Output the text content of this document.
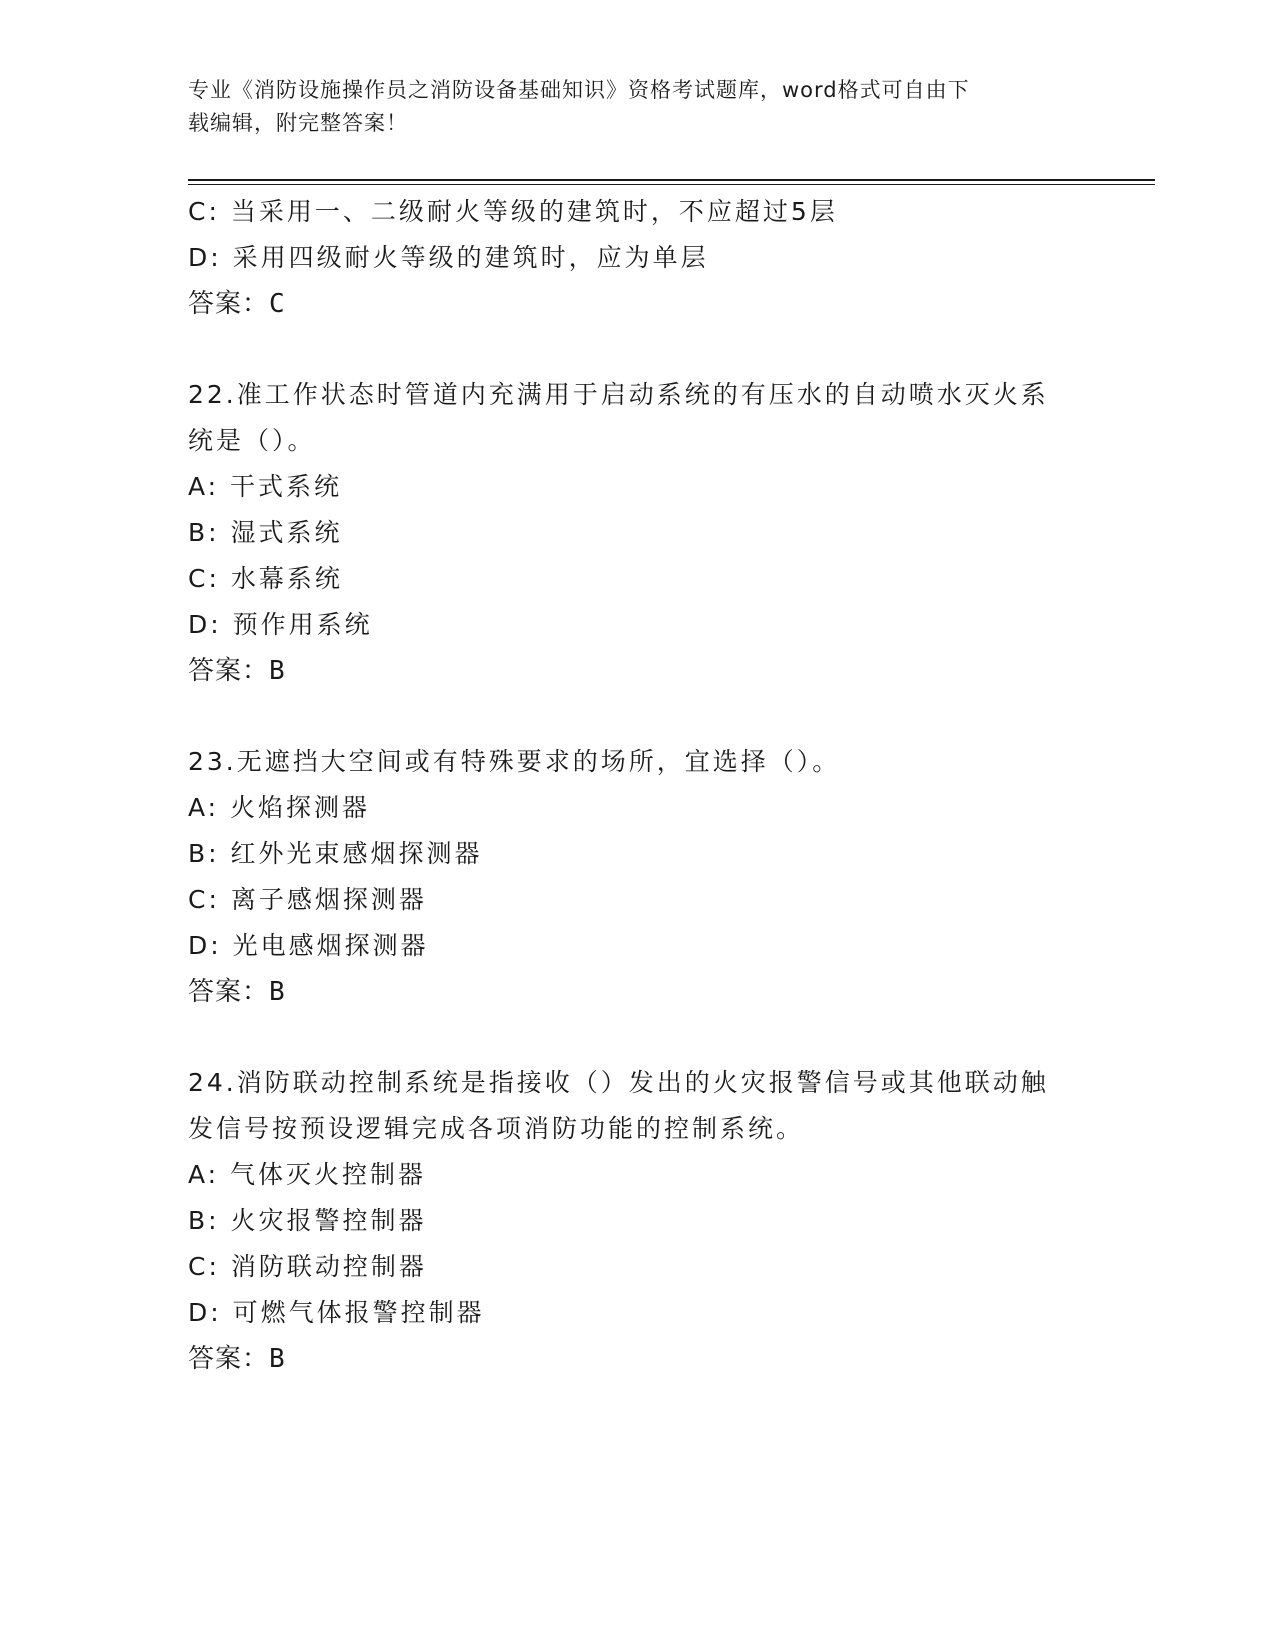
专业《消防设施操作员之消防设备基础知识》资格考试题库，word格式可自由下
载编辑，附完整答案！
C: 当采用一、二级耐火等级的建筑时，不应超过5层
D: 采用四级耐火等级的建筑时，应为单层
答案：C
22.准工作状态时管道内充满用于启动系统的有压水的自动喷水灭火系
统是（）。
A: 干式系统
B: 湿式系统
C: 水幕系统
D: 预作用系统
答案：B
23.无遮挡大空间或有特殊要求的场所，宜选择（）。
A: 火焰探测器
B: 红外光束感烟探测器
C: 离子感烟探测器
D: 光电感烟探测器
答案：B
24.消防联动控制系统是指接收（）发出的火灾报警信号或其他联动触
发信号按预设逻辑完成各项消防功能的控制系统。
A: 气体灭火控制器
B: 火灾报警控制器
C: 消防联动控制器
D: 可燃气体报警控制器
答案：B
